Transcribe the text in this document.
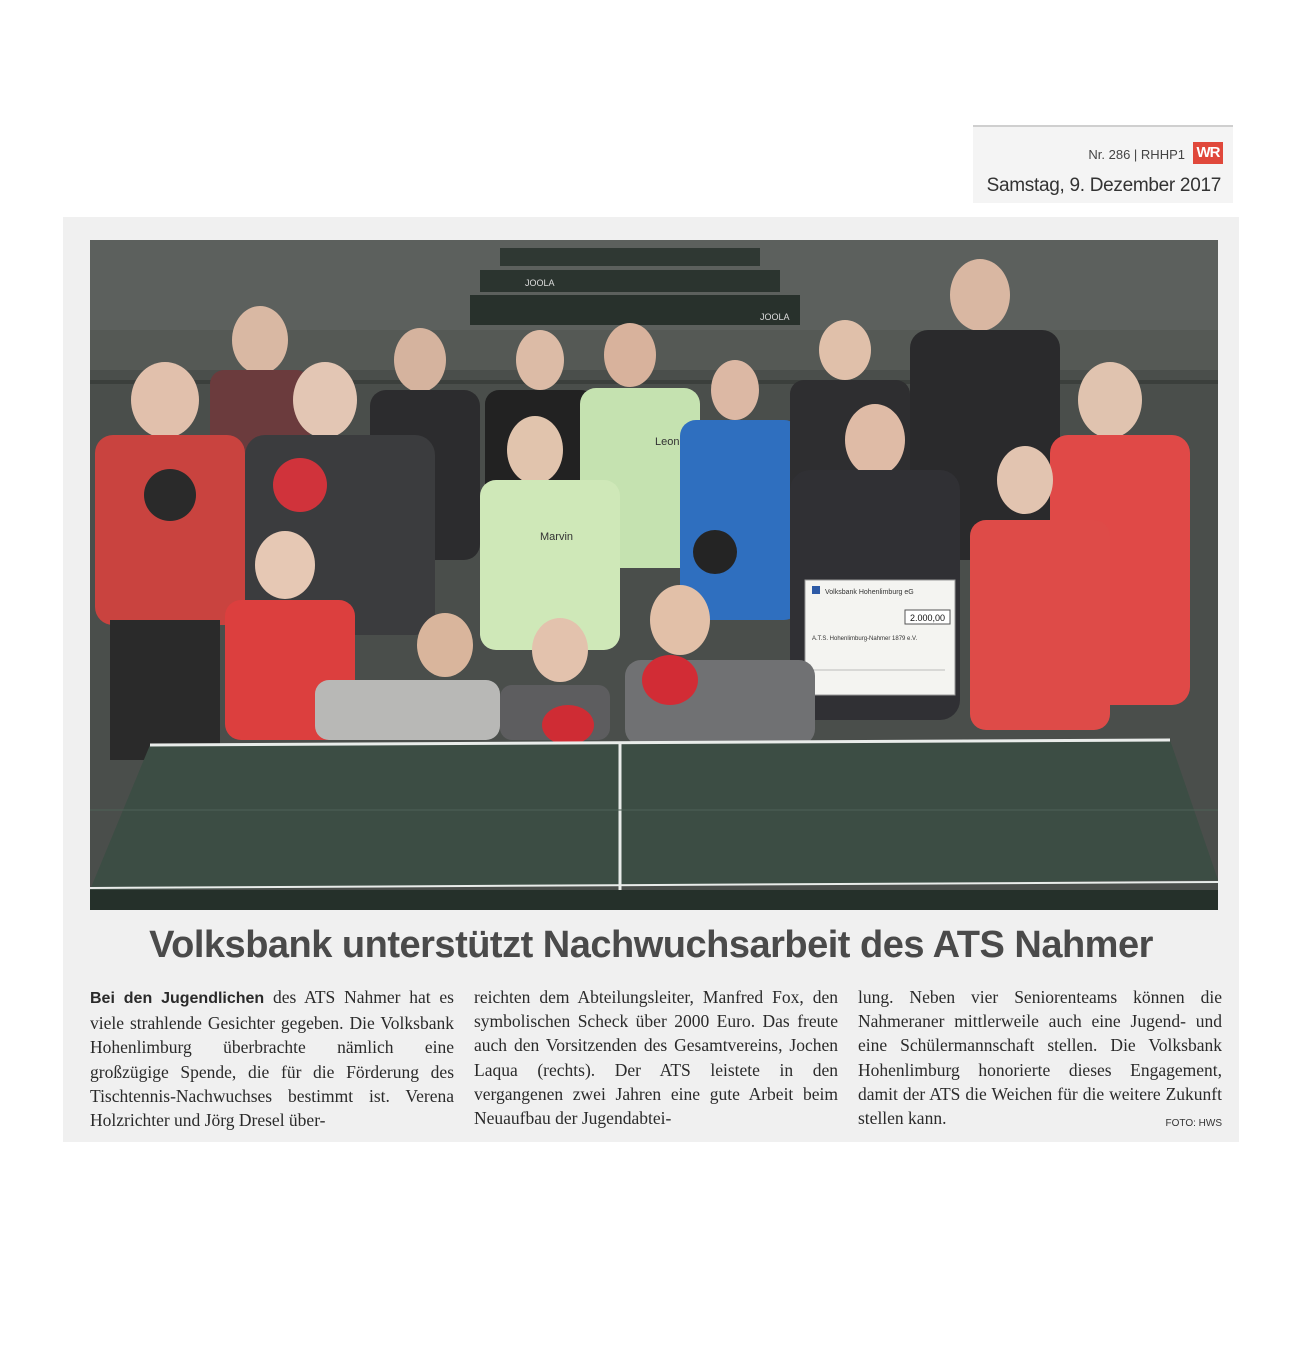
Nr. 286 | RHHP1 WR
Samstag, 9. Dezember 2017
JOOLA
JOOLA
Leon
Marvin
Volksbank Hohenlimburg eG
2.000,00
A.T.S. Hohenlimburg-Nahmer 1879 e.V.
Volksbank unterstützt Nachwuchsarbeit des ATS Nahmer
Bei den Jugendlichen des ATS Nahmer hat es viele strahlende Gesichter gegeben. Die Volksbank Hohenlimburg überbrachte nämlich eine großzügige Spende, die für die Förderung des Tischtennis-Nachwuchses bestimmt ist. Verena Holzrichter und Jörg Dresel über-
reichten dem Abteilungsleiter, Manfred Fox, den symbolischen Scheck über 2000 Euro. Das freute auch den Vorsitzenden des Gesamtvereins, Jochen Laqua (rechts). Der ATS leistete in den vergangenen zwei Jahren eine gute Arbeit beim Neuaufbau der Jugendabtei-
lung. Neben vier Seniorenteams können die Nahmeraner mittlerweile auch eine Jugend- und eine Schülermannschaft stellen. Die Volksbank Hohenlimburg honorierte dieses Engagement, damit der ATS die Weichen für die weitere Zukunft stellen kann.	FOTO: HWS
